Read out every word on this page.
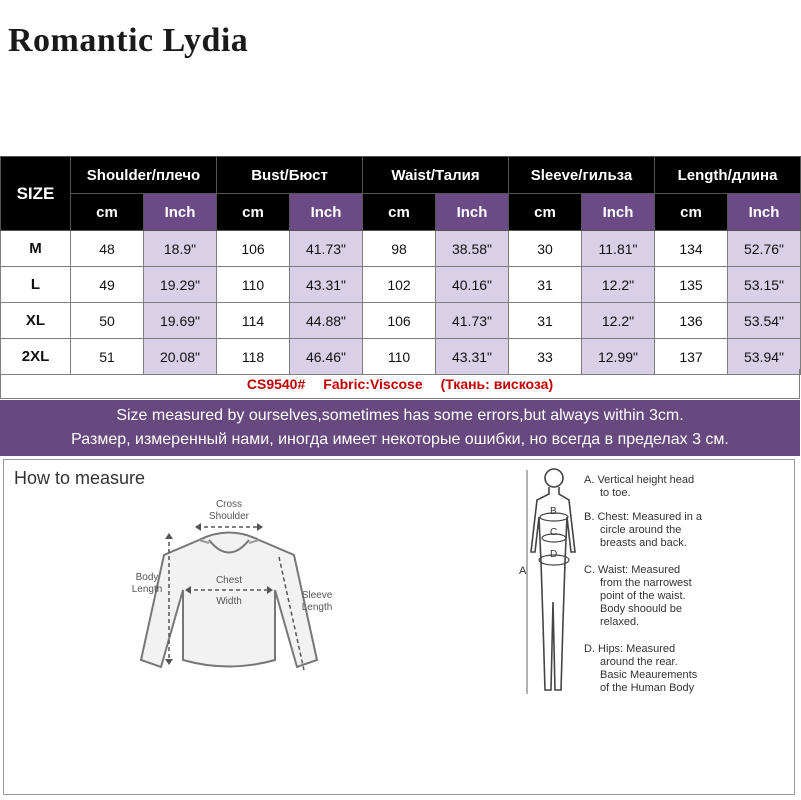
Romantic Lydia
SIZE	Shoulder/плечо		Bust/Бюст		Waist/Талия		Sleeve/гильза		Length/длина	
	cm	Inch	cm	Inch	cm	Inch	cm	Inch	cm	Inch
M	48	18.9"	106	41.73"	98	38.58"	30	11.81"	134	52.76"
L	49	19.29"	110	43.31"	102	40.16"	31	12.2"	135	53.15"
XL	50	19.69"	114	44.88"	106	41.73"	31	12.2"	136	53.54"
2XL	51	20.08"	118	46.46"	110	43.31"	33	12.99"	137	53.94"
CS9540# Fabric:Viscose (Ткань: вискоза)
Size measured by ourselves,sometimes has some errors,but always within 3cm.
Размер, измеренный нами, иногда имеет некоторые ошибки, но всегда в пределах 3 см.
How to measure
Cross
Shoulder
Body
Length
Chest
Width
Sleeve
Length
A
B
C
D
A. Vertical height head
to toe.
B. Chest: Measured in a
circle around the
breasts and back.
C. Waist: Measured
from the narrowest
point of the waist.
Body shoould be
relaxed.
D. Hips: Measured
around the rear.
Basic Meaurements
of the Human Body
